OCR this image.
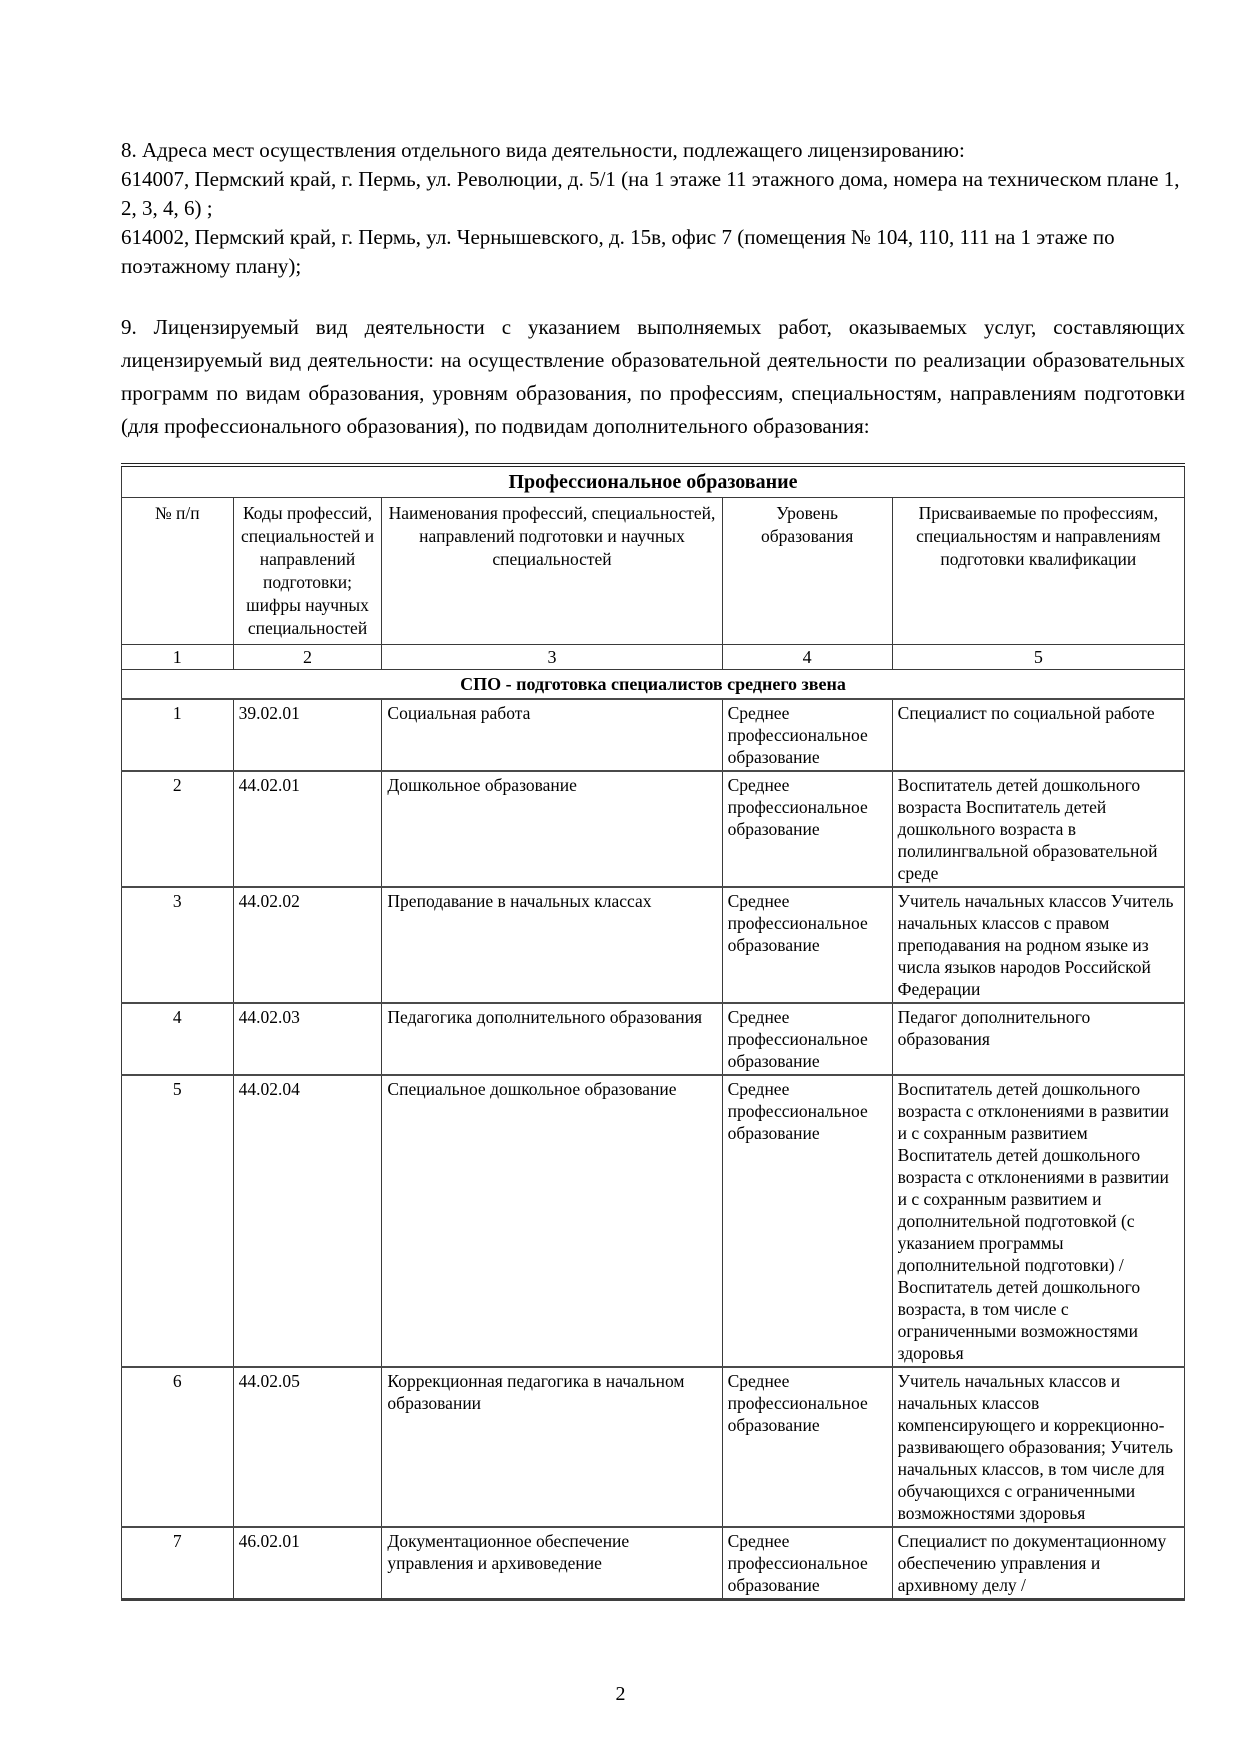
8. Адреса мест осуществления отдельного вида деятельности, подлежащего лицензированию:
614007, Пермский край, г. Пермь, ул. Революции, д. 5/1 (на 1 этаже 11 этажного дома, номера на техническом плане 1, 2, 3, 4, 6) ;
614002, Пермский край, г. Пермь, ул. Чернышевского, д. 15в, офис 7 (помещения № 104, 110, 111 на 1 этаже по поэтажному плану);
9. Лицензируемый вид деятельности с указанием выполняемых работ, оказываемых услуг, составляющих лицензируемый вид деятельности: на осуществление образовательной деятельности по реализации образовательных программ по видам образования, уровням образования, по профессиям, специальностям, направлениям подготовки (для профессионального образования), по подвидам дополнительного образования:
Профессиональное образование				
№ п/п	Коды профессий, специальностей и направлений подготовки; шифры научных специальностей	Наименования профессий, специальностей, направлений подготовки и научных специальностей	Уровень образования	Присваиваемые по профессиям, специальностям и направлениям подготовки квалификации
1	2	3	4	5
СПО - подготовка специалистов среднего звена				
1	39.02.01	Социальная работа	Среднее профессиональное образование	Специалист по социальной работе
2	44.02.01	Дошкольное образование	Среднее профессиональное образование	Воспитатель детей дошкольного возраста Воспитатель детей дошкольного возраста в полилингвальной образовательной среде
3	44.02.02	Преподавание в начальных классах	Среднее профессиональное образование	Учитель начальных классов Учитель начальных классов с правом преподавания на родном языке из числа языков народов Российской Федерации
4	44.02.03	Педагогика дополнительного образования	Среднее профессиональное образование	Педагог дополнительного образования
5	44.02.04	Специальное дошкольное образование	Среднее профессиональное образование	Воспитатель детей дошкольного возраста с отклонениями в развитии и с сохранным развитием Воспитатель детей дошкольного возраста с отклонениями в развитии и с сохранным развитием и дополнительной подготовкой (с указанием программы дополнительной подготовки) / Воспитатель детей дошкольного возраста, в том числе с ограниченными возможностями здоровья
6	44.02.05	Коррекционная педагогика в начальном образовании	Среднее профессиональное образование	Учитель начальных классов и начальных классов компенсирующего и коррекционно-развивающего образования; Учитель начальных классов, в том числе для обучающихся с ограниченными возможностями здоровья
7	46.02.01	Документационное обеспечение управления и архивоведение	Среднее профессиональное образование	Специалист по документационному обеспечению управления и архивному делу /
2
